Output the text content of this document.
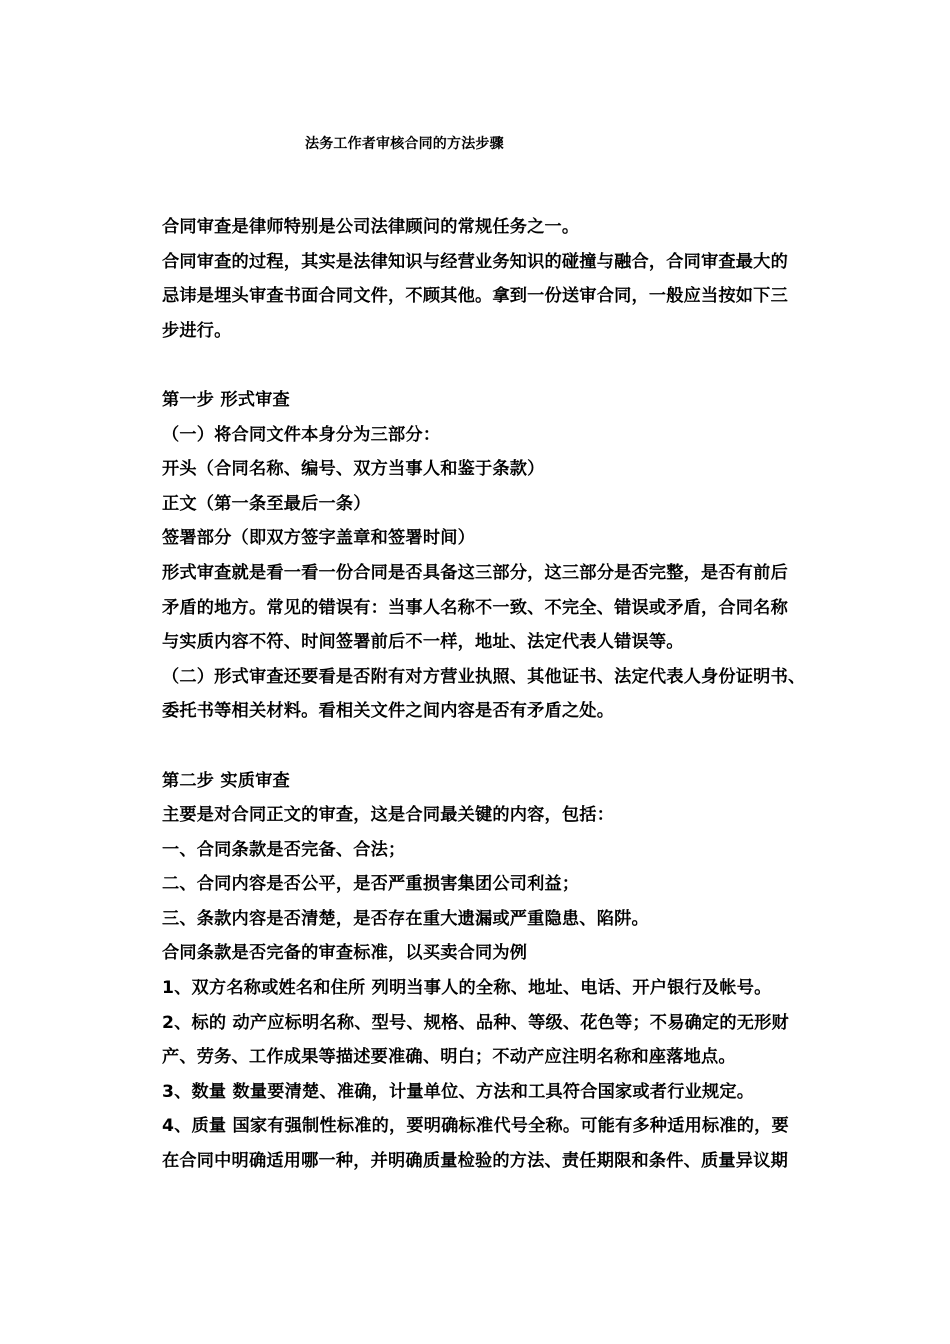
法务工作者审核合同的方法步骤
合同审查是律师特别是公司法律顾问的常规任务之一。
合同审查的过程，其实是法律知识与经营业务知识的碰撞与融合，合同审查最大的
忌讳是埋头审查书面合同文件，不顾其他。拿到一份送审合同，一般应当按如下三
步进行。
第一步 形式审查
（一）将合同文件本身分为三部分：
开头（合同名称、编号、双方当事人和鉴于条款）
正文（第一条至最后一条）
签署部分（即双方签字盖章和签署时间）
形式审查就是看一看一份合同是否具备这三部分，这三部分是否完整，是否有前后
矛盾的地方。常见的错误有：当事人名称不一致、不完全、错误或矛盾，合同名称
与实质内容不符、时间签署前后不一样，地址、法定代表人错误等。
（二）形式审查还要看是否附有对方营业执照、其他证书、法定代表人身份证明书、
委托书等相关材料。看相关文件之间内容是否有矛盾之处。
第二步 实质审查
主要是对合同正文的审查，这是合同最关键的内容，包括：
一、合同条款是否完备、合法；
二、合同内容是否公平，是否严重损害集团公司利益；
三、条款内容是否清楚，是否存在重大遗漏或严重隐患、陷阱。
合同条款是否完备的审查标准，以买卖合同为例
1、双方名称或姓名和住所 列明当事人的全称、地址、电话、开户银行及帐号。
2、标的 动产应标明名称、型号、规格、品种、等级、花色等；不易确定的无形财
产、劳务、工作成果等描述要准确、明白；不动产应注明名称和座落地点。
3、数量 数量要清楚、准确，计量单位、方法和工具符合国家或者行业规定。
4、质量 国家有强制性标准的，要明确标准代号全称。可能有多种适用标准的，要
在合同中明确适用哪一种，并明确质量检验的方法、责任期限和条件、质量异议期
